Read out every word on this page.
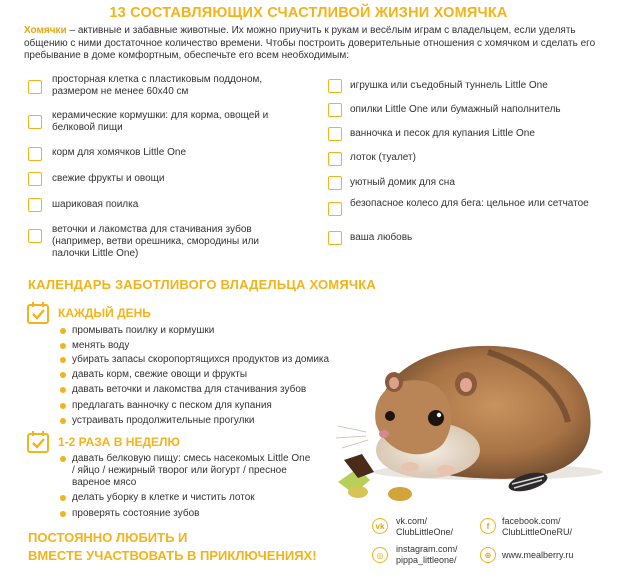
13 СОСТАВЛЯЮЩИХ СЧАСТЛИВОЙ ЖИЗНИ ХОМЯЧКА
Хомячки – активные и забавные животные. Их можно приучить к рукам и весёлым играм с владельцем, если уделять общению с ними достаточное количество времени. Чтобы построить доверительные отношения с хомячком и сделать его пребывание в доме комфортным, обеспечьте его всем необходимым:
просторная клетка с пластиковым поддоном, размером не менее 60х40 см
керамические кормушки: для корма, овощей и белковой пищи
корм для хомячков Little One
свежие фрукты и овощи
шариковая поилка
веточки и лакомства для стачивания зубов (например, ветви орешника, смородины или палочки Little One)
игрушка или съедобный туннель Little One
опилки Little One или бумажный наполнитель
ванночка и песок для купания Little One
лоток (туалет)
уютный домик для сна
безопасное колесо для бега: цельное или сетчатое
ваша любовь
КАЛЕНДАРЬ ЗАБОТЛИВОГО ВЛАДЕЛЬЦА ХОМЯЧКА
КАЖДЫЙ ДЕНЬ
промывать поилку и кормушки
менять воду
убирать запасы скоропортящихся продуктов из домика
давать корм, свежие овощи и фрукты
давать веточки и лакомства для стачивания зубов
предлагать ванночку с песком для купания
устраивать продолжительные прогулки
1-2 РАЗА В НЕДЕЛЮ
давать белковую пищу: смесь насекомых Little One / яйцо / нежирный творог или йогурт / пресное вареное мясо
делать уборку в клетке и чистить лоток
проверять состояние зубов
ПОСТОЯННО ЛЮБИТЬ И
ВМЕСТЕ УЧАСТВОВАТЬ В ПРИКЛЮЧЕНИЯХ!
vk	vk.com/ ClubLittleOne/
f	facebook.com/ ClubLittleOneRU/
◎
instagram.com/ pippa_littleone/	⊕	www.mealberry.ru
